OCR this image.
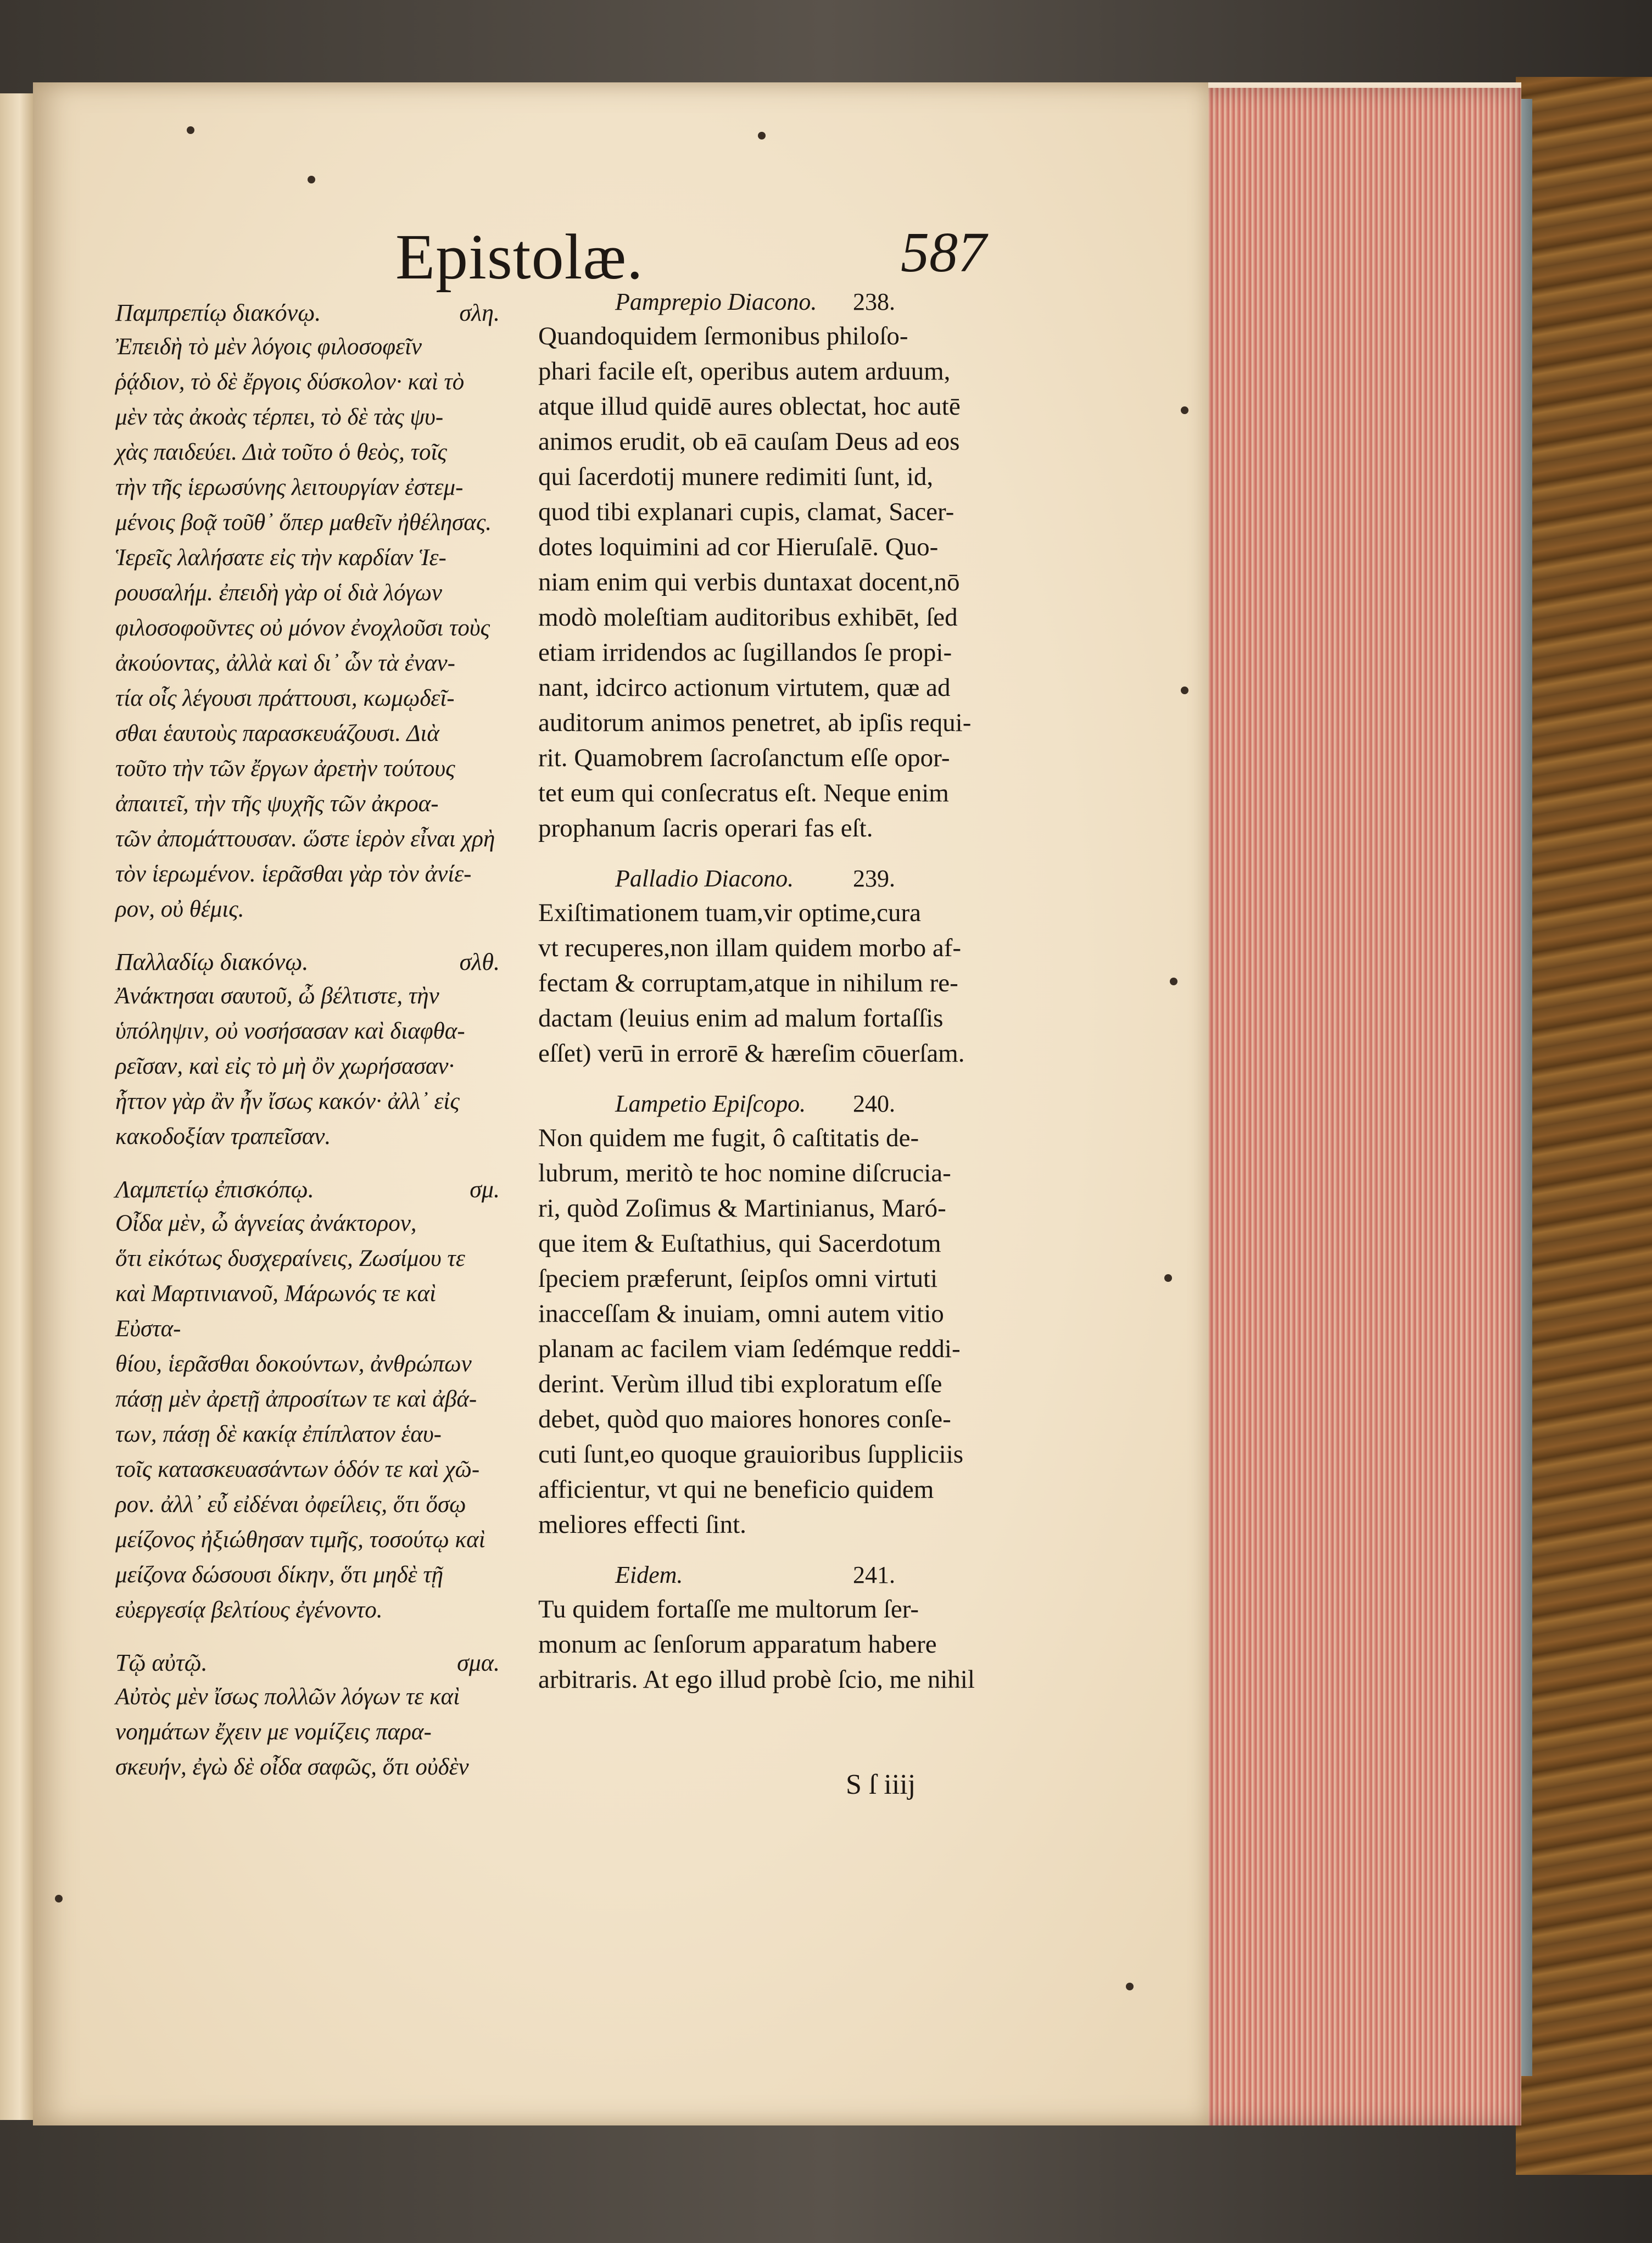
Epistolæ.	587
Παμπρεπίῳ διακόνῳ.	σλη.

Ἐπειδὴ τὸ μὲν λόγοις φιλοσοφεῖν
ῥᾴδιον, τὸ δὲ ἔργοις δύσκολον· καὶ τὸ
μὲν τὰς ἀκοὰς τέρπει, τὸ δὲ τὰς ψυ-
χὰς παιδεύει. Διὰ τοῦτο ὁ θεὸς, τοῖς
τὴν τῆς ἱερωσύνης λειτουργίαν ἐστεμ-
μένοις βοᾷ τοῦθ᾽ ὅπερ μαθεῖν ἠθέλησας.
Ἱερεῖς λαλήσατε εἰς τὴν καρδίαν Ἱε-
ρουσαλήμ. ἐπειδὴ γὰρ οἱ διὰ λόγων
φιλοσοφοῦντες οὐ μόνον ἐνοχλοῦσι τοὺς
ἀκούοντας, ἀλλὰ καὶ δι᾽ ὧν τὰ ἐναν-
τία οἷς λέγουσι πράττουσι, κωμῳδεῖ-
σθαι ἑαυτοὺς παρασκευάζουσι. Διὰ
τοῦτο τὴν τῶν ἔργων ἀρετὴν τούτους
ἀπαιτεῖ, τὴν τῆς ψυχῆς τῶν ἀκροα-
τῶν ἀπομάττουσαν. ὥστε ἱερὸν εἶναι χρὴ
τὸν ἱερωμένον. ἱερᾶσθαι γὰρ τὸν ἀνίε-
ρον, οὐ θέμις.

Παλλαδίῳ διακόνῳ.	σλθ.

Ἀνάκτησαι σαυτοῦ, ὦ βέλτιστε, τὴν
ὑπόληψιν, οὐ νοσήσασαν καὶ διαφθα-
ρεῖσαν, καὶ εἰς τὸ μὴ ὂν χωρήσασαν·
ἧττον γὰρ ἂν ἦν ἴσως κακόν· ἀλλ᾽ εἰς
κακοδοξίαν τραπεῖσαν.

Λαμπετίῳ ἐπισκόπῳ.	σμ.

Οἶδα μὲν, ὦ ἁγνείας ἀνάκτορον,
ὅτι εἰκότως δυσχεραίνεις, Ζωσίμου τε
καὶ Μαρτινιανοῦ, Μάρωνός τε καὶ Εὐστα-
θίου, ἱερᾶσθαι δοκούντων, ἀνθρώπων
πάσῃ μὲν ἀρετῇ ἀπροσίτων τε καὶ ἀβά-
των, πάσῃ δὲ κακίᾳ ἐπίπλατον ἑαυ-
τοῖς κατασκευασάντων ὁδόν τε καὶ χῶ-
ρον. ἀλλ᾽ εὖ εἰδέναι ὀφείλεις, ὅτι ὅσῳ
μείζονος ἠξιώθησαν τιμῆς, τοσούτῳ καὶ
μείζονα δώσουσι δίκην, ὅτι μηδὲ τῇ
εὐεργεσίᾳ βελτίους ἐγένοντο.

Τῷ αὐτῷ.	σμα.

Αὐτὸς μὲν ἴσως πολλῶν λόγων τε καὶ
νοημάτων ἔχειν με νομίζεις παρα-
σκευήν, ἐγὼ δὲ οἶδα σαφῶς, ὅτι οὐδὲν

Pamprepio Diacono. 238.

Quandoquidem ſermonibus philoſo-
phari facile eſt, operibus autem arduum,
atque illud quidē aures oblectat, hoc autē
animos erudit, ob eā cauſam Deus ad eos
qui ſacerdotij munere redimiti ſunt, id,
quod tibi explanari cupis, clamat, Sacer-
dotes loquimini ad cor Hieruſalē. Quo-
niam enim qui verbis duntaxat docent,nō
modò moleſtiam auditoribus exhibēt, ſed
etiam irridendos ac ſugillandos ſe propi-
nant, idcirco actionum virtutem, quæ ad
auditorum animos penetret, ab ipſis requi-
rit. Quamobrem ſacroſanctum eſſe opor-
tet eum qui conſecratus eſt. Neque enim
prophanum ſacris operari fas eſt.

Palladio Diacono. 239.

Exiſtimationem tuam,vir optime,cura
vt recuperes,non illam quidem morbo af-
fectam & corruptam,atque in nihilum re-
dactam (leuius enim ad malum fortaſſis
eſſet) verū in errorē & hæreſim cōuerſam.

Lampetio Epiſcopo. 240.

Non quidem me fugit, ô caſtitatis de-
lubrum, meritò te hoc nomine diſcrucia-
ri, quòd Zoſimus & Martinianus, Maró-
que item & Euſtathius, qui Sacerdotum
ſpeciem præferunt, ſeipſos omni virtuti
inacceſſam & inuiam, omni autem vitio
planam ac facilem viam ſedémque reddi-
derint. Verùm illud tibi exploratum eſſe
debet, quòd quo maiores honores conſe-
cuti ſunt,eo quoque grauioribus ſuppliciis
afficientur, vt qui ne beneficio quidem
meliores effecti ſint.

Eidem.	241.

Tu quidem fortaſſe me multorum ſer-
monum ac ſenſorum apparatum habere
arbitraris. At ego illud probè ſcio, me nihil

S ſ iiij
